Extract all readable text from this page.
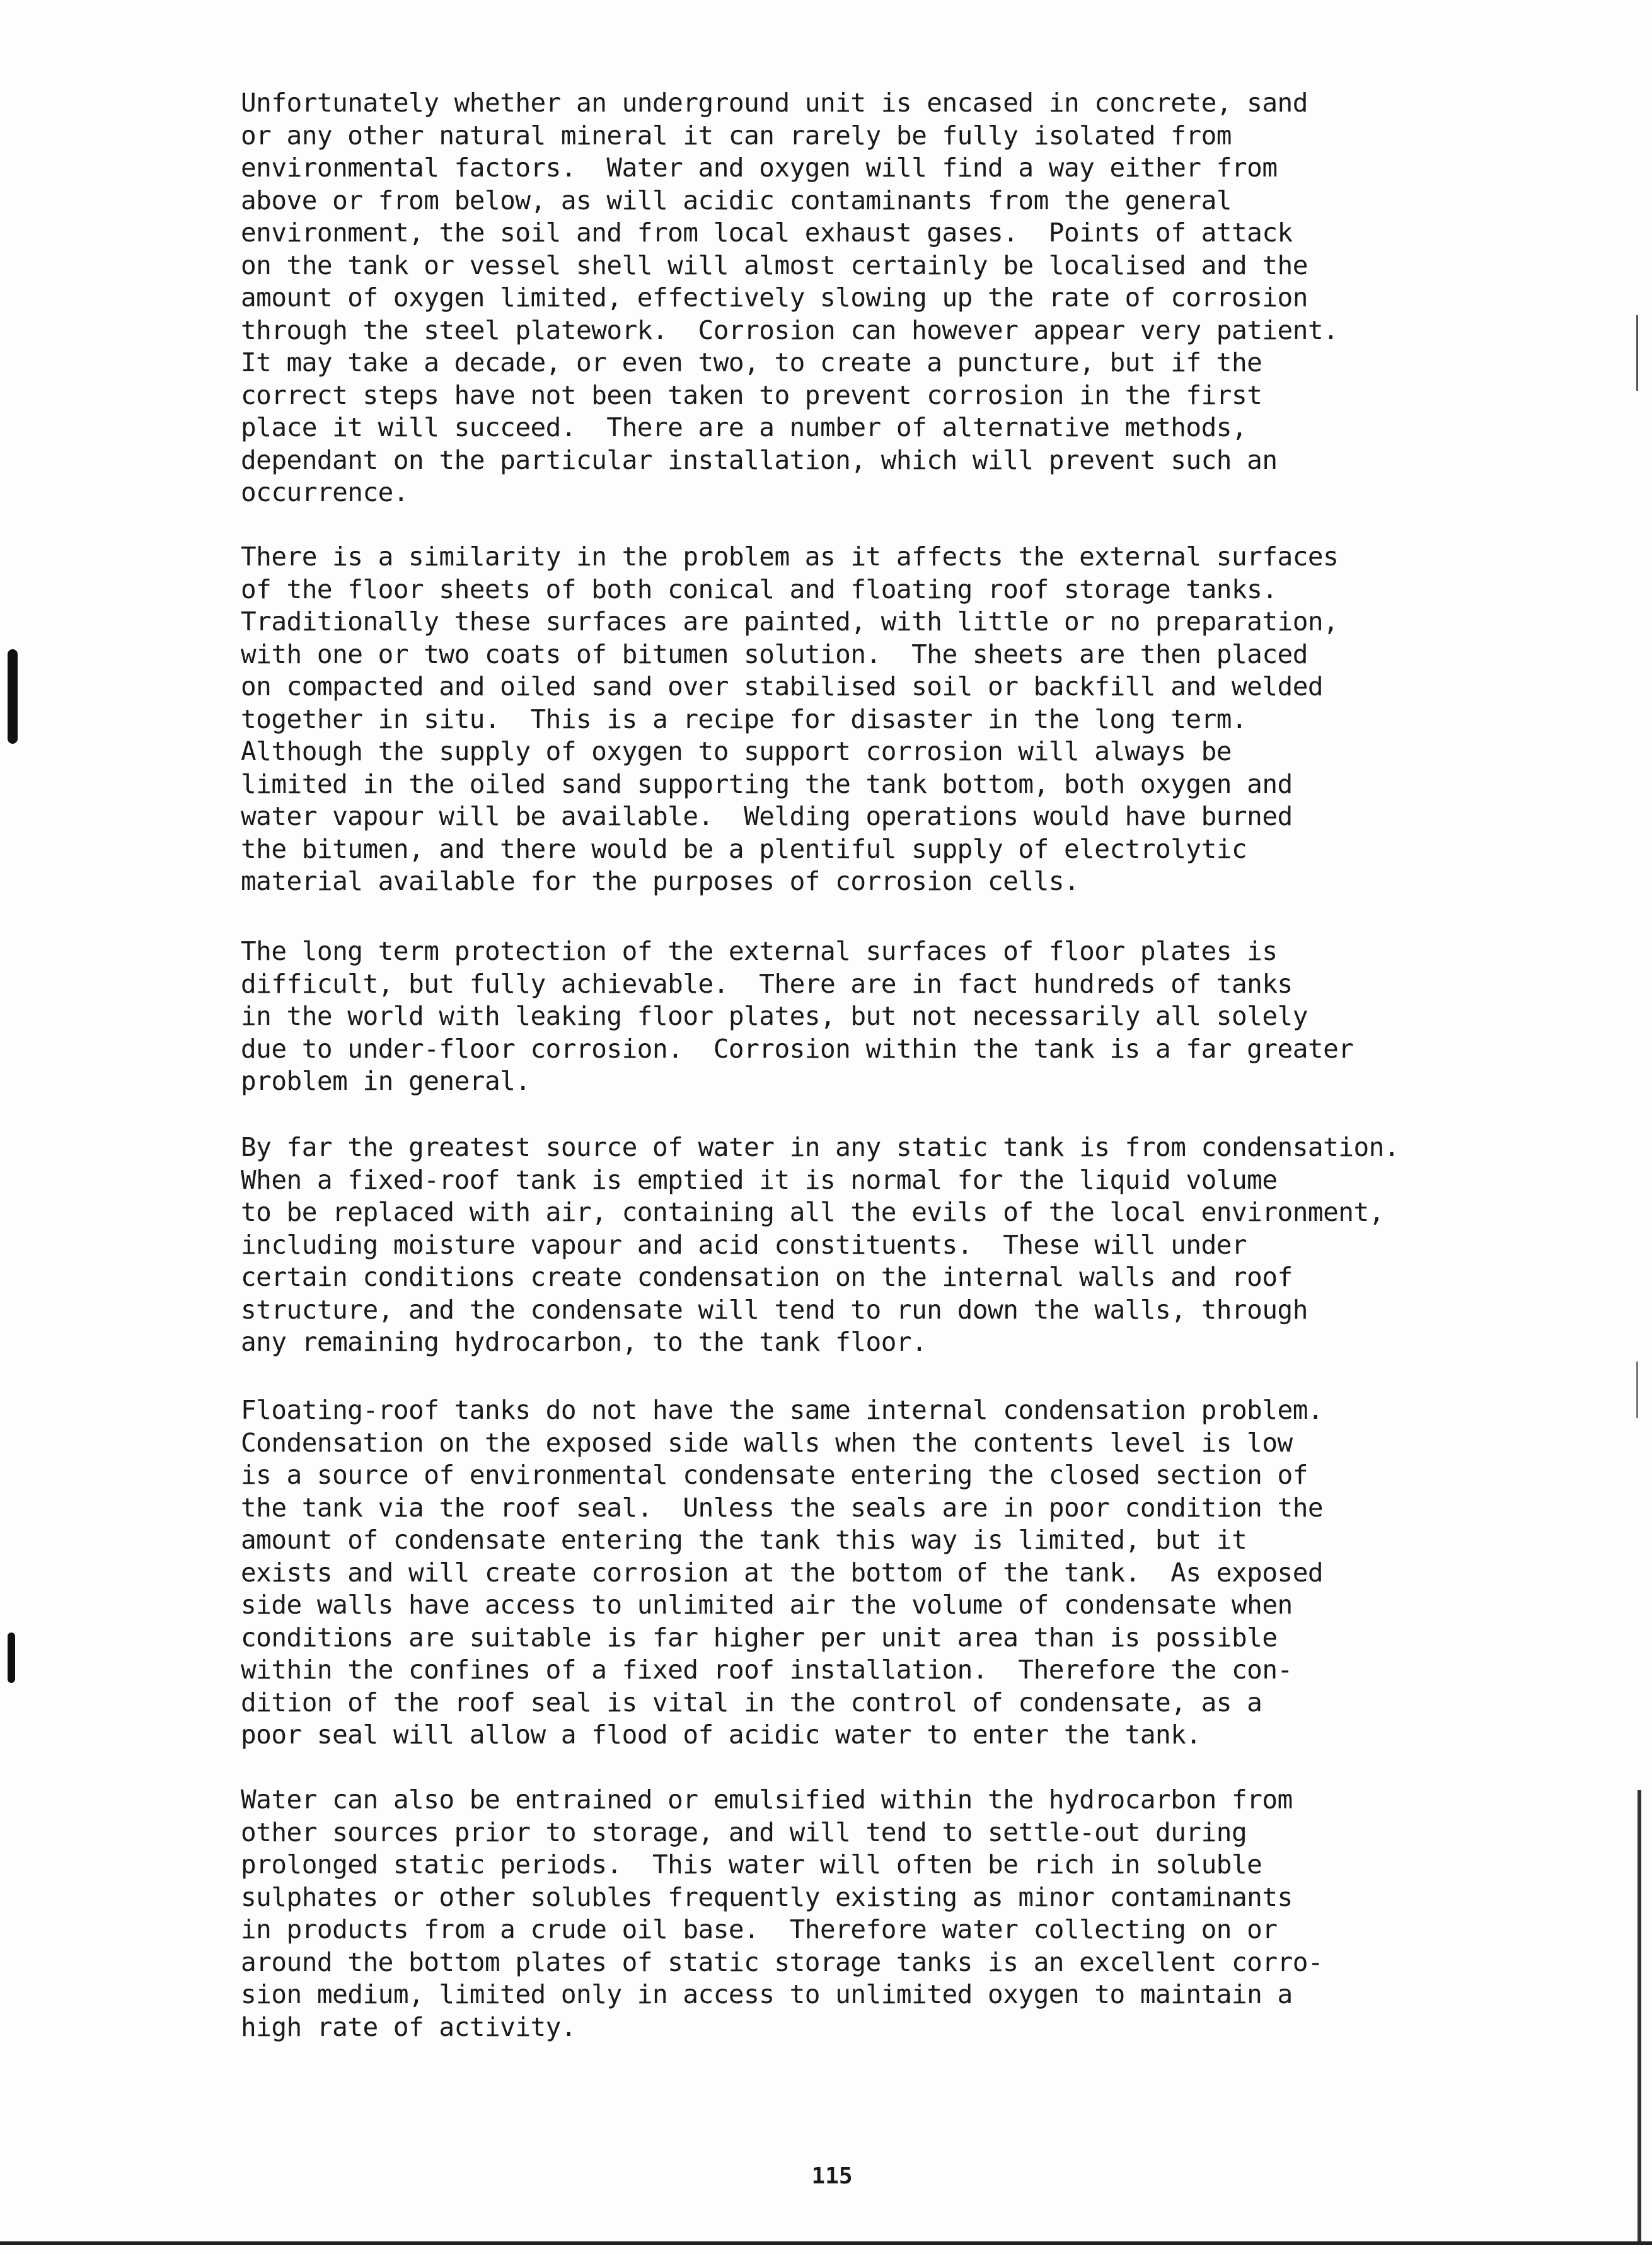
Unfortunately whether an underground unit is encased in concrete, sand
or any other natural mineral it can rarely be fully isolated from
environmental factors.  Water and oxygen will find a way either from
above or from below, as will acidic contaminants from the general
environment, the soil and from local exhaust gases.  Points of attack
on the tank or vessel shell will almost certainly be localised and the
amount of oxygen limited, effectively slowing up the rate of corrosion
through the steel platework.  Corrosion can however appear very patient.
It may take a decade, or even two, to create a puncture, but if the
correct steps have not been taken to prevent corrosion in the first
place it will succeed.  There are a number of alternative methods,
dependant on the particular installation, which will prevent such an
occurrence.
There is a similarity in the problem as it affects the external surfaces
of the floor sheets of both conical and floating roof storage tanks.
Traditionally these surfaces are painted, with little or no preparation,
with one or two coats of bitumen solution.  The sheets are then placed
on compacted and oiled sand over stabilised soil or backfill and welded
together in situ.  This is a recipe for disaster in the long term.
Although the supply of oxygen to support corrosion will always be
limited in the oiled sand supporting the tank bottom, both oxygen and
water vapour will be available.  Welding operations would have burned
the bitumen, and there would be a plentiful supply of electrolytic
material available for the purposes of corrosion cells.
The long term protection of the external surfaces of floor plates is
difficult, but fully achievable.  There are in fact hundreds of tanks
in the world with leaking floor plates, but not necessarily all solely
due to under-floor corrosion.  Corrosion within the tank is a far greater
problem in general.
By far the greatest source of water in any static tank is from condensation.
When a fixed-roof tank is emptied it is normal for the liquid volume
to be replaced with air, containing all the evils of the local environment,
including moisture vapour and acid constituents.  These will under
certain conditions create condensation on the internal walls and roof
structure, and the condensate will tend to run down the walls, through
any remaining hydrocarbon, to the tank floor.
Floating-roof tanks do not have the same internal condensation problem.
Condensation on the exposed side walls when the contents level is low
is a source of environmental condensate entering the closed section of
the tank via the roof seal.  Unless the seals are in poor condition the
amount of condensate entering the tank this way is limited, but it
exists and will create corrosion at the bottom of the tank.  As exposed
side walls have access to unlimited air the volume of condensate when
conditions are suitable is far higher per unit area than is possible
within the confines of a fixed roof installation.  Therefore the con-
dition of the roof seal is vital in the control of condensate, as a
poor seal will allow a flood of acidic water to enter the tank.
Water can also be entrained or emulsified within the hydrocarbon from
other sources prior to storage, and will tend to settle-out during
prolonged static periods.  This water will often be rich in soluble
sulphates or other solubles frequently existing as minor contaminants
in products from a crude oil base.  Therefore water collecting on or
around the bottom plates of static storage tanks is an excellent corro-
sion medium, limited only in access to unlimited oxygen to maintain a
high rate of activity.
115
